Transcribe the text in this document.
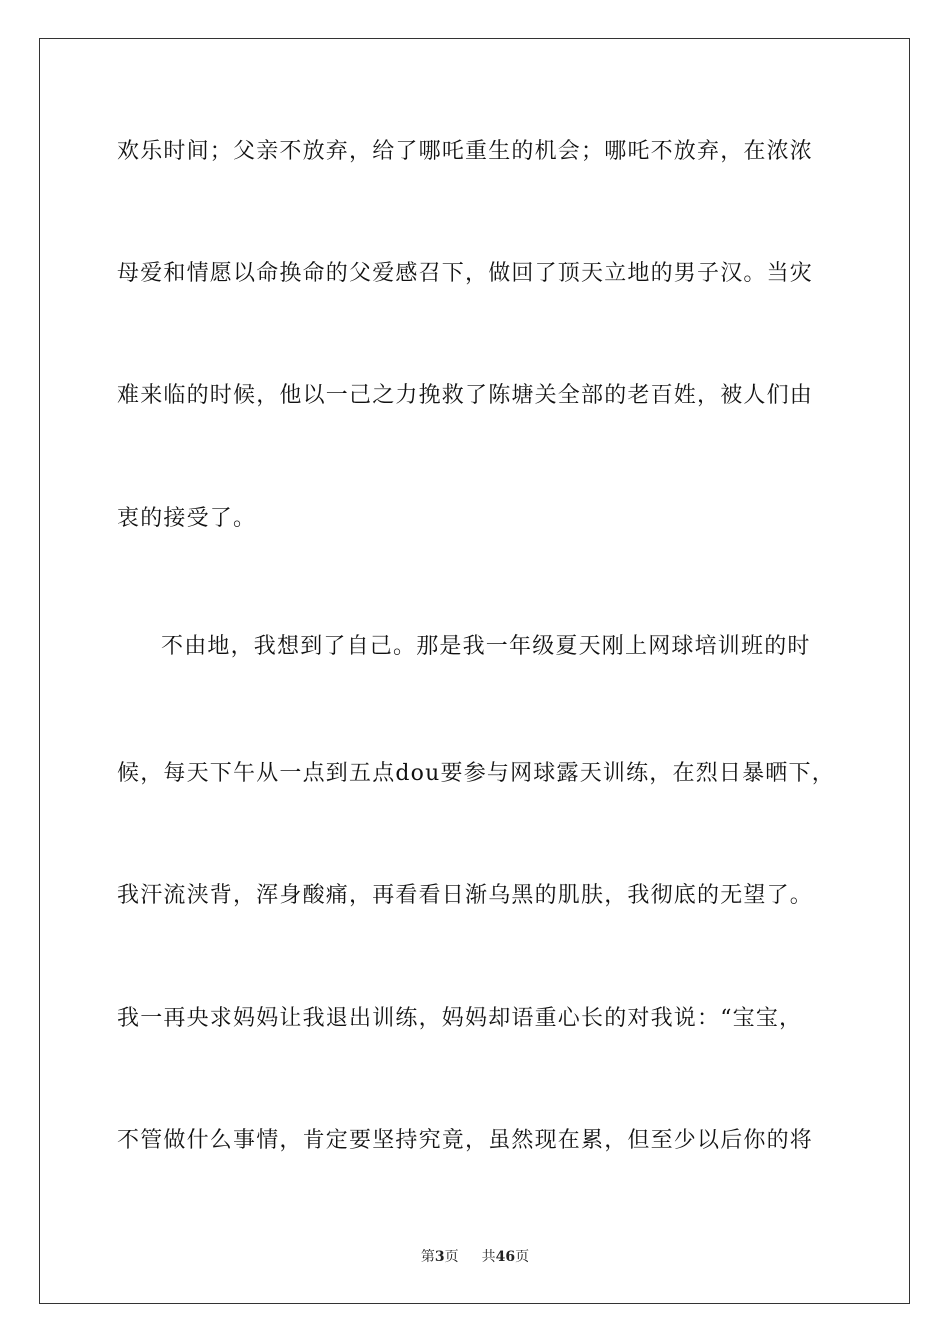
欢乐时间；父亲不放弃，给了哪吒重生的机会；哪吒不放弃，在浓浓
母爱和情愿以命换命的父爱感召下，做回了顶天立地的男子汉。当灾
难来临的时候，他以一己之力挽救了陈塘关全部的老百姓，被人们由
衷的接受了。
不由地，我想到了自己。那是我一年级夏天刚上网球培训班的时
候，每天下午从一点到五点dou要参与网球露天训练，在烈日暴晒下，
我汗流浃背，浑身酸痛，再看看日渐乌黑的肌肤，我彻底的无望了。
我一再央求妈妈让我退出训练，妈妈却语重心长的对我说：“宝宝，
不管做什么事情，肯定要坚持究竟，虽然现在累，但至少以后你的将
第3页 共46页
